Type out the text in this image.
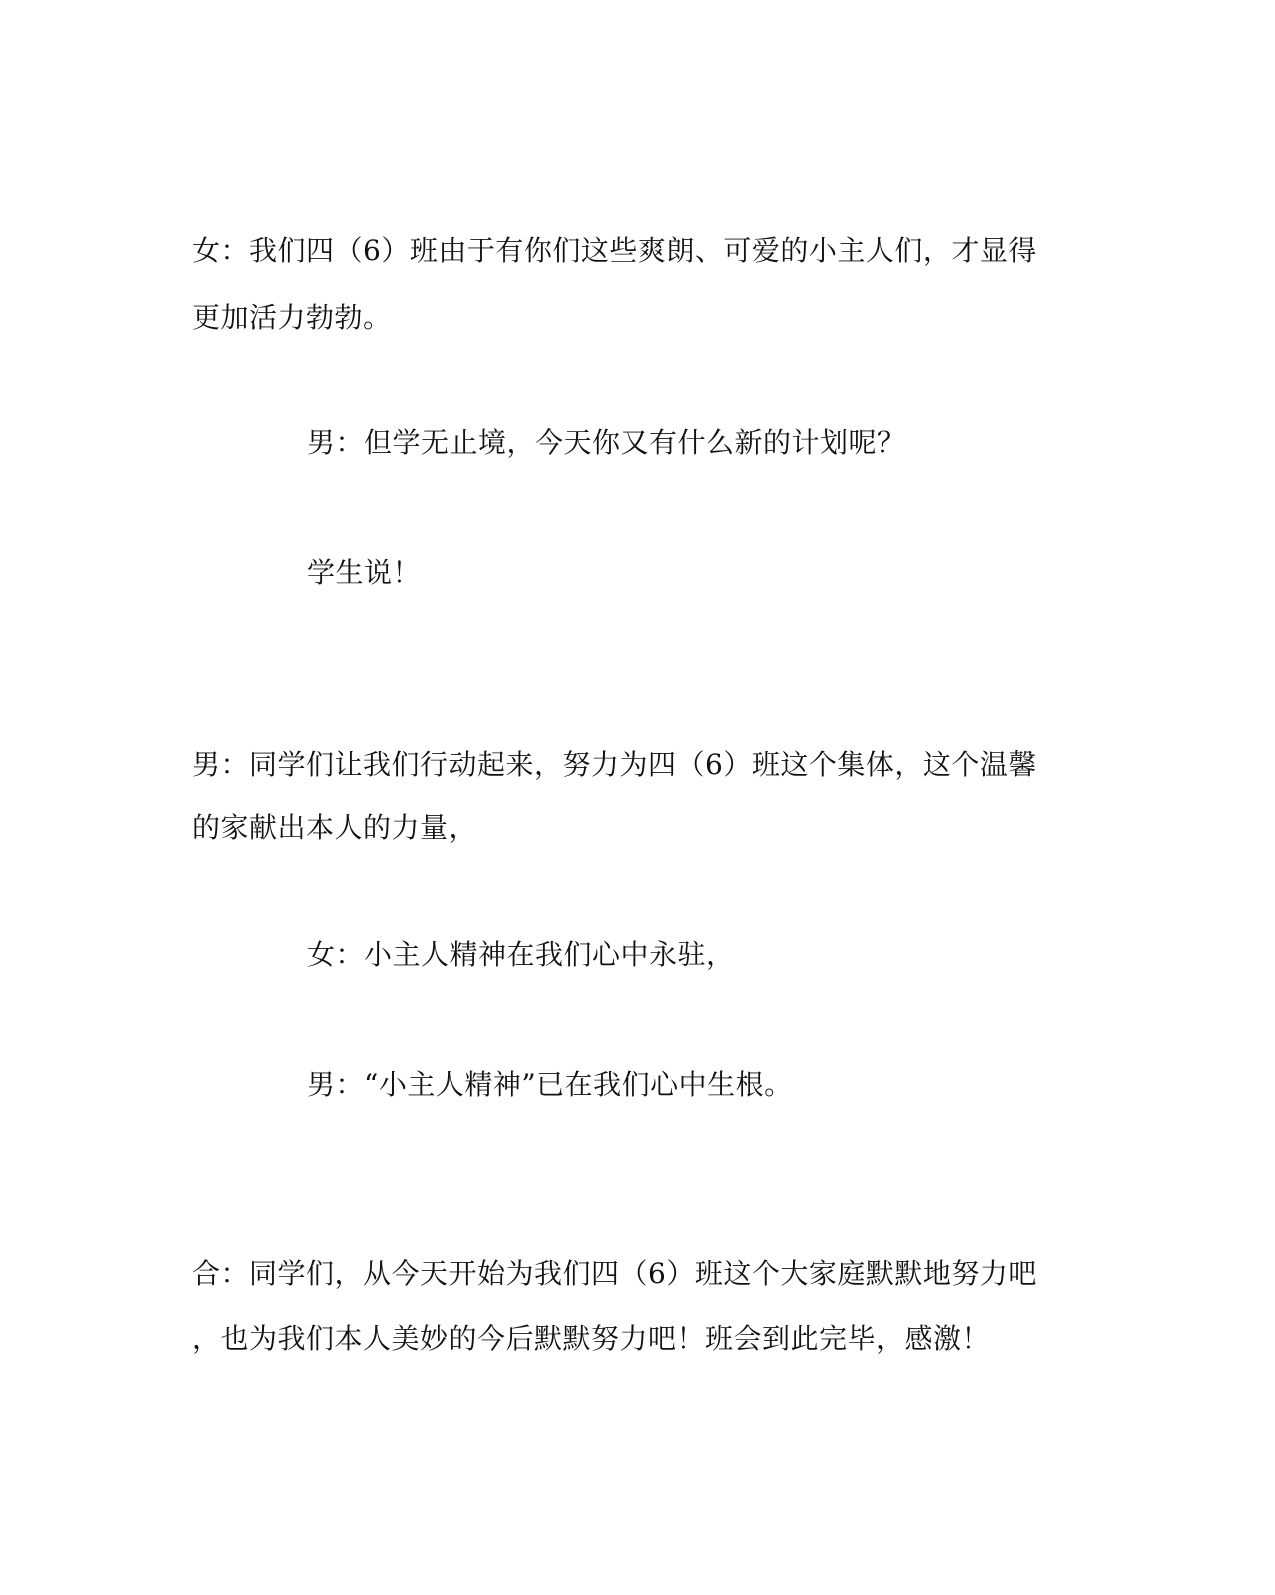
女：我们四（6）班由于有你们这些爽朗、可爱的小主人们，才显得
更加活力勃勃。
男：但学无止境，今天你又有什么新的计划呢？
学生说！
男：同学们让我们行动起来，努力为四（6）班这个集体，这个温馨
的家献出本人的力量，
女：小主人精神在我们心中永驻，
男：“小主人精神”已在我们心中生根。
合：同学们，从今天开始为我们四（6）班这个大家庭默默地努力吧
，也为我们本人美妙的今后默默努力吧！班会到此完毕，感激！
